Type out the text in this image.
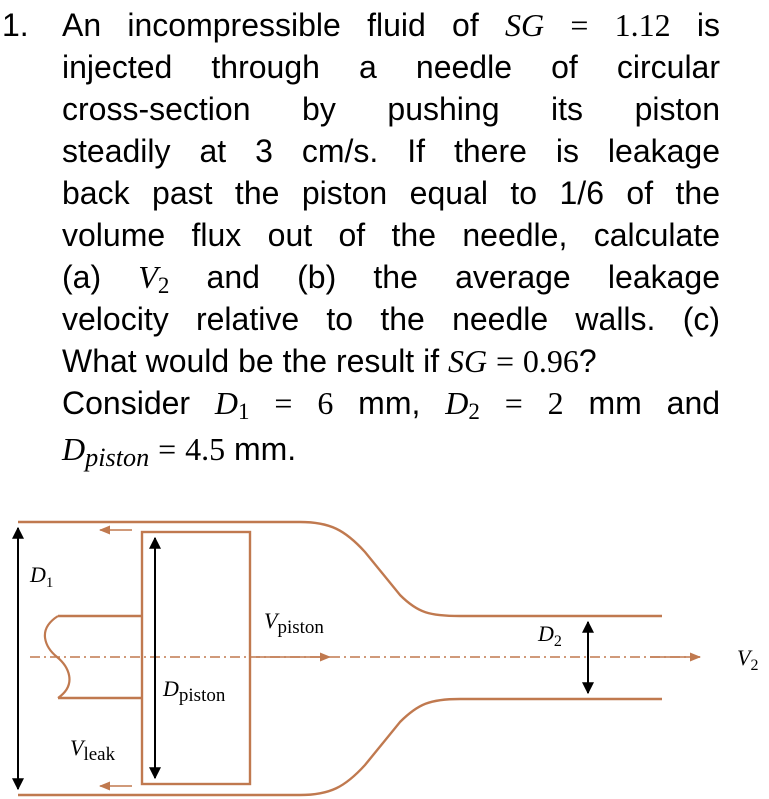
1. An incompressible fluid of SG = 1.12 is
injected through a needle of circular
cross-section by pushing its piston
steadily at 3 cm/s. If there is leakage
back past the piston equal to 1/6 of the
volume flux out of the needle, calculate
(a) $V_2$ and (b) the average leakage
velocity relative to the needle walls. (c)
What would be the result if SG = 0.96?
Consider $D_1 = 6$ mm, $D_2 = 2$ mm and
Dpiston = 4.5 mm.
$D_1$
Vpiston
Dpiston
Vleak
$D_2$
$V_2$
